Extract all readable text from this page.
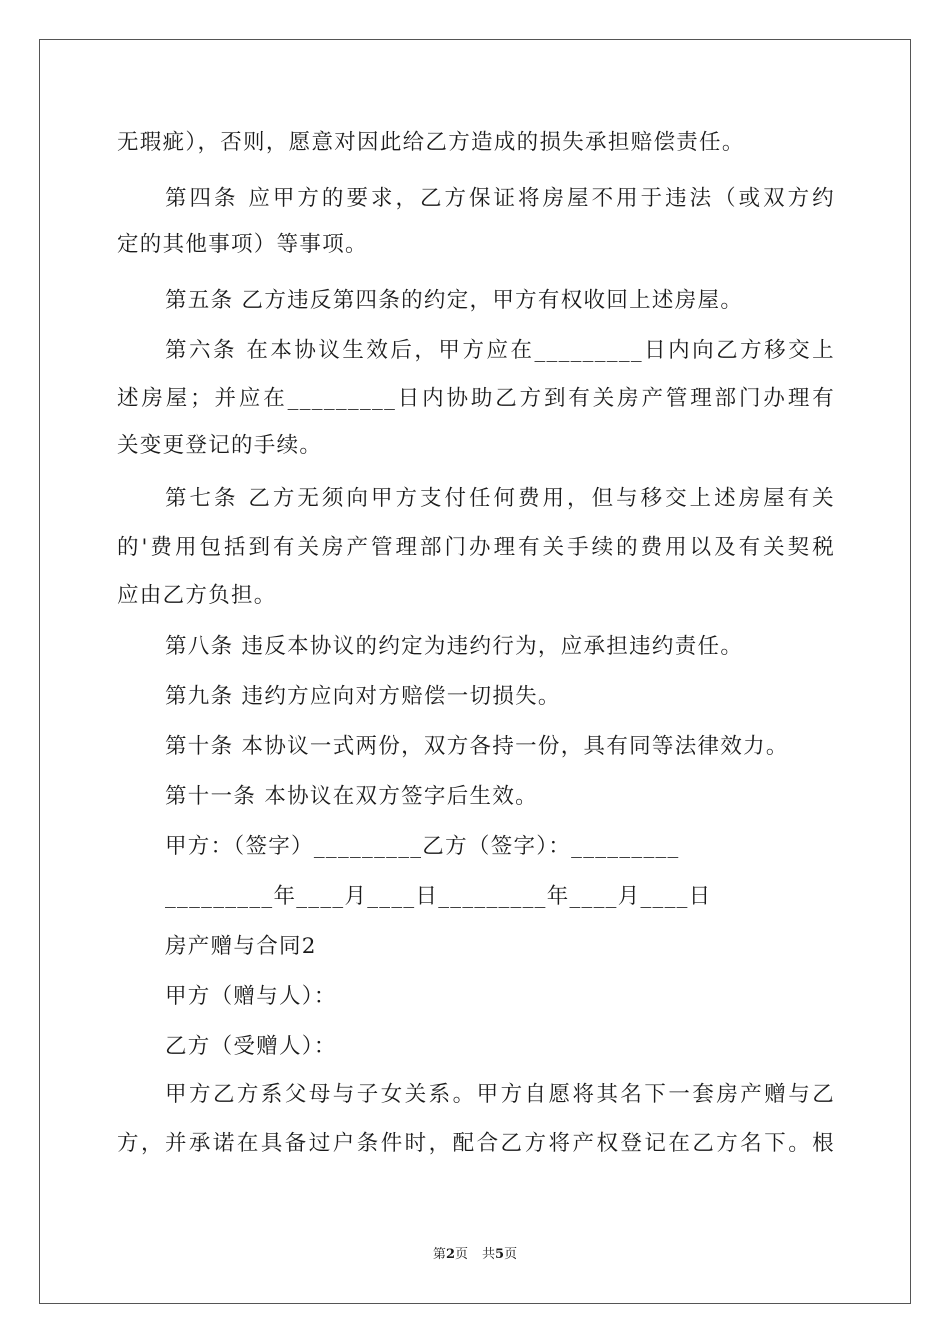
无瑕疵），否则，愿意对因此给乙方造成的损失承担赔偿责任。
第四条 应甲方的要求，乙方保证将房屋不用于违法（或双方约
定的其他事项）等事项。
第五条 乙方违反第四条的约定，甲方有权收回上述房屋。
第六条 在本协议生效后，甲方应在_________日内向乙方移交上
述房屋；并应在_________日内协助乙方到有关房产管理部门办理有
关变更登记的手续。
第七条 乙方无须向甲方支付任何费用，但与移交上述房屋有关
的'费用包括到有关房产管理部门办理有关手续的费用以及有关契税
应由乙方负担。
第八条 违反本协议的约定为违约行为，应承担违约责任。
第九条 违约方应向对方赔偿一切损失。
第十条 本协议一式两份，双方各持一份，具有同等法律效力。
第十一条 本协议在双方签字后生效。
甲方：（签字）_________乙方（签字）：_________
_________年____月____日_________年____月____日
房产赠与合同2
甲方（赠与人）：
乙方（受赠人）：
甲方乙方系父母与子女关系。甲方自愿将其名下一套房产赠与乙
方，并承诺在具备过户条件时，配合乙方将产权登记在乙方名下。根
第2页 共5页
